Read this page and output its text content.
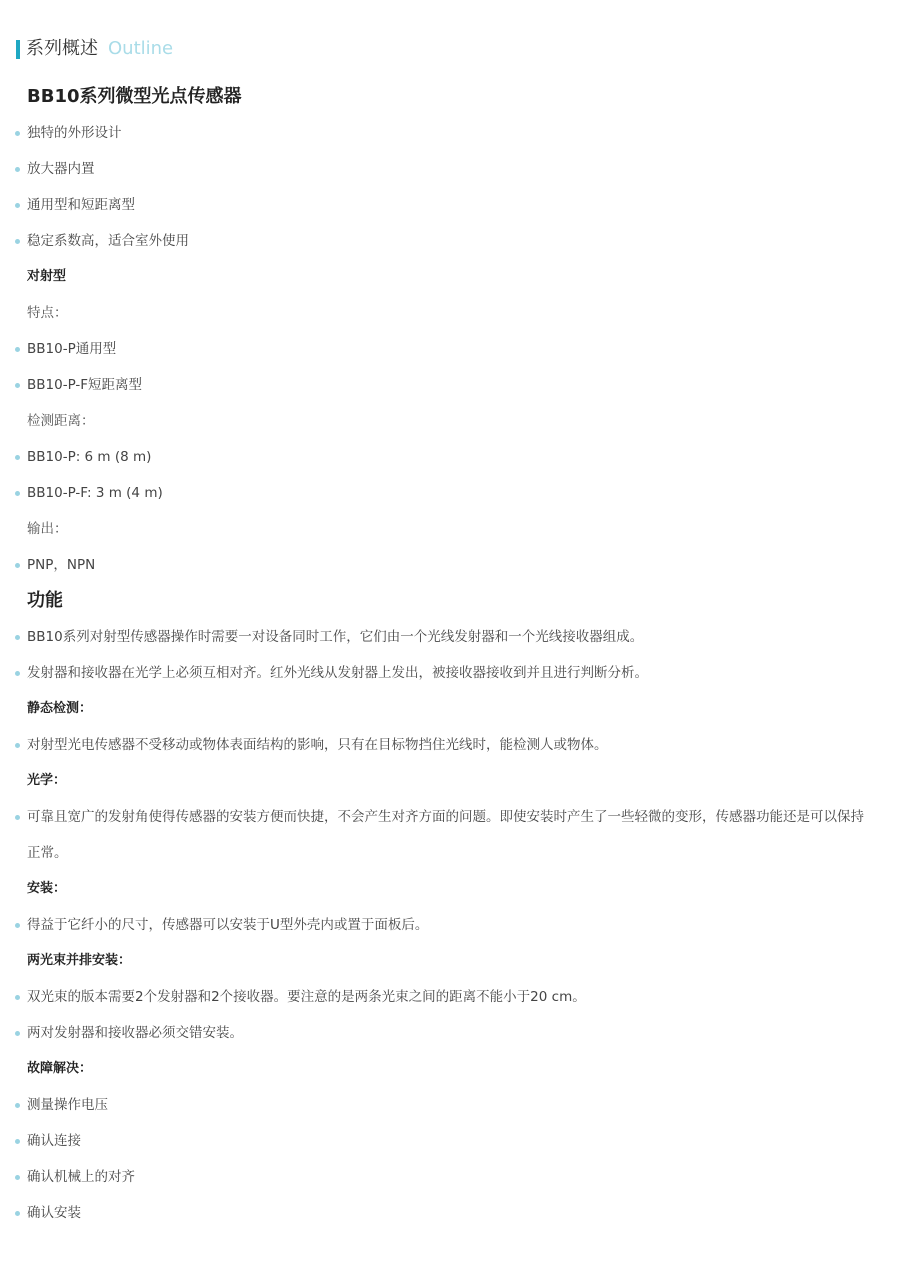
系列概述 Outline
BB10系列微型光点传感器
独特的外形设计
放大器内置
通用型和短距离型
稳定系数高，适合室外使用
对射型
特点：
BB10-P通用型
BB10-P-F短距离型
检测距离：
BB10-P: 6 m (8 m)
BB10-P-F: 3 m (4 m)
输出：
PNP，NPN
功能
BB10系列对射型传感器操作时需要一对设备同时工作，它们由一个光线发射器和一个光线接收器组成。
发射器和接收器在光学上必须互相对齐。红外光线从发射器上发出，被接收器接收到并且进行判断分析。
静态检测：
对射型光电传感器不受移动或物体表面结构的影响，只有在目标物挡住光线时，能检测人或物体。
光学：
可靠且宽广的发射角使得传感器的安装方便而快捷，不会产生对齐方面的问题。即使安装时产生了一些轻微的变形，传感器功能还是可以保持正常。
安装：
得益于它纤小的尺寸，传感器可以安装于U型外壳内或置于面板后。
两光束并排安装：
双光束的版本需要2个发射器和2个接收器。要注意的是两条光束之间的距离不能小于20 cm。
两对发射器和接收器必须交错安装。
故障解决：
测量操作电压
确认连接
确认机械上的对齐
确认安装
